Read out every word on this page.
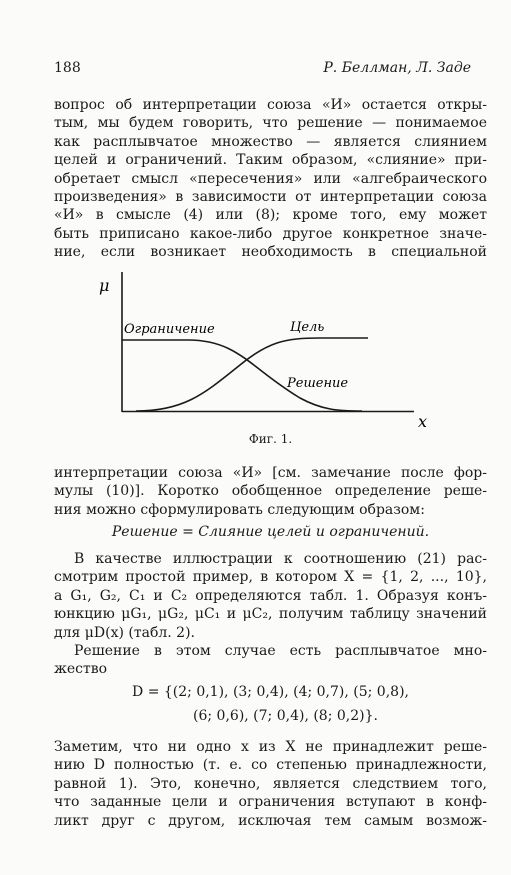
188	Р. Беллман, Л. Заде
вопрос об интерпретации союза «И» остается откры-
тым, мы будем говорить, что решение — понимаемое
как расплывчатое множество — является слиянием
целей и ограничений. Таким образом, «слияние» при-
обретает смысл «пересечения» или «алгебраического
произведения» в зависимости от интерпретации союза
«И» в смысле (4) или (8); кроме того, ему может
быть приписано какое-либо другое конкретное значе-
ние, если возникает необходимость в специальной
μ
x
Ограничение	Цель
Решение
Фиг. 1.
интерпретации союза «И» [см. замечание после фор-
мулы (10)]. Коротко обобщенное определение реше-
ния можно сформулировать следующим образом:
Решение = Слияние целей и ограничений.
В качестве иллюстрации к соотношению (21) рас-
смотрим простой пример, в котором X = {1, 2, ..., 10},
а G₁, G₂, C₁ и C₂ определяются табл. 1. Образуя конъ-
юнкцию μG₁, μG₂, μC₁ и μC₂, получим таблицу значений
для μD(x) (табл. 2).
Решение в этом случае есть расплывчатое мно-
жество
D = {(2; 0,1), (3; 0,4), (4; 0,7), (5; 0,8),
(6; 0,6), (7; 0,4), (8; 0,2)}.
Заметим, что ни одно x из X не принадлежит реше-
нию D полностью (т. е. со степенью принадлежности,
равной 1). Это, конечно, является следствием того,
что заданные цели и ограничения вступают в конф-
ликт друг с другом, исключая тем самым возмож-
